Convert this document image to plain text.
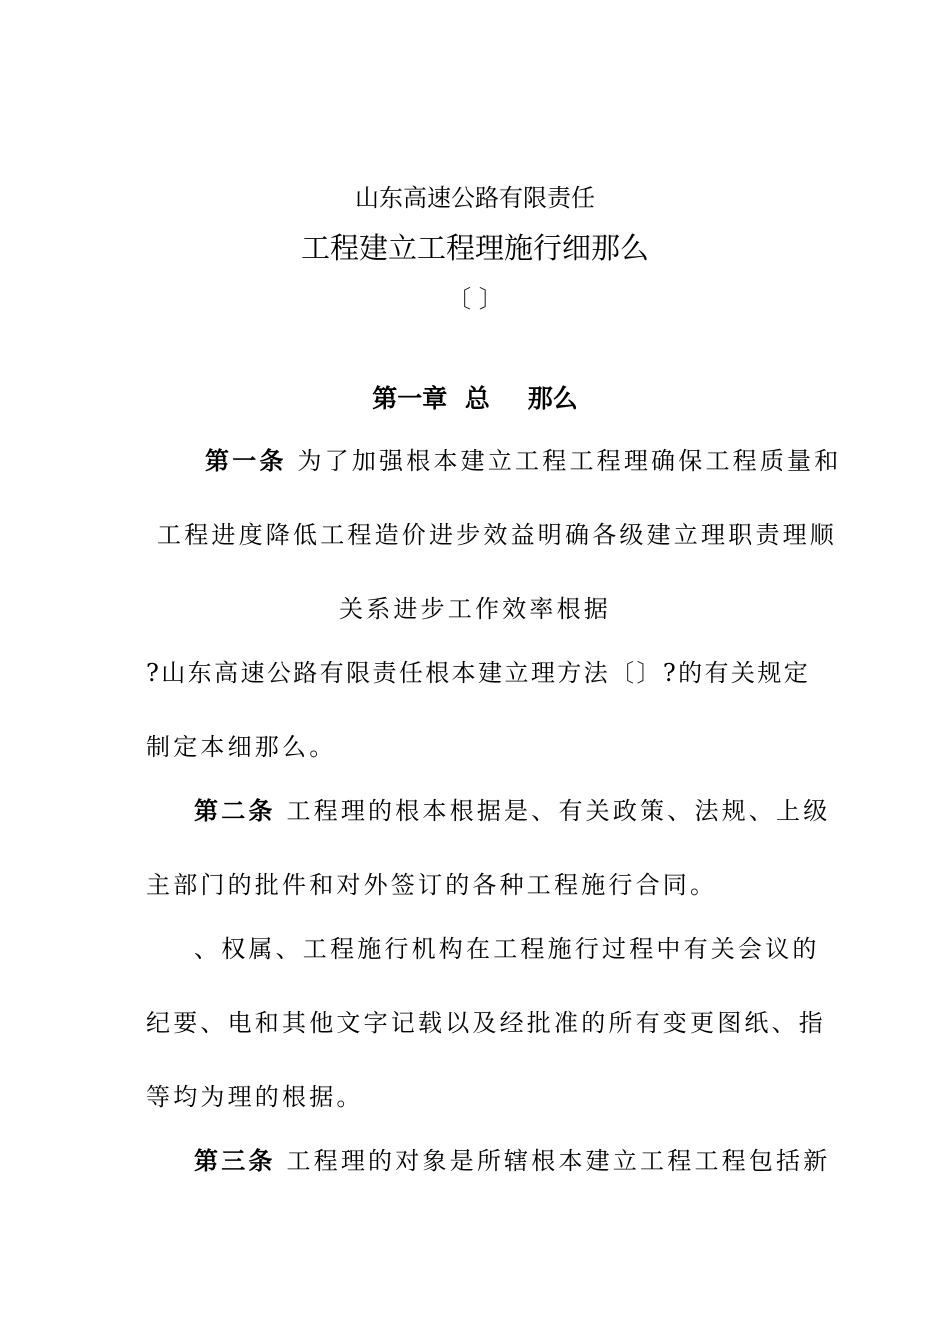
山东高速公路有限责任
工程建立工程理施行细那么
〔 〕
第一章 总 那么
第一条 为了加强根本建立工程工程理确保工程质量和
工程进度降低工程造价进步效益明确各级建立理职责理顺
关系进步工作效率根据
?山东高速公路有限责任根本建立理方法〔〕?的有关规定
制定本细那么。
第二条 工程理的根本根据是、有关政策、法规、上级
主部门的批件和对外签订的各种工程施行合同。
、权属、工程施行机构在工程施行过程中有关会议的
纪要、电和其他文字记载以及经批准的所有变更图纸、指
等均为理的根据。
第三条 工程理的对象是所辖根本建立工程工程包括新
